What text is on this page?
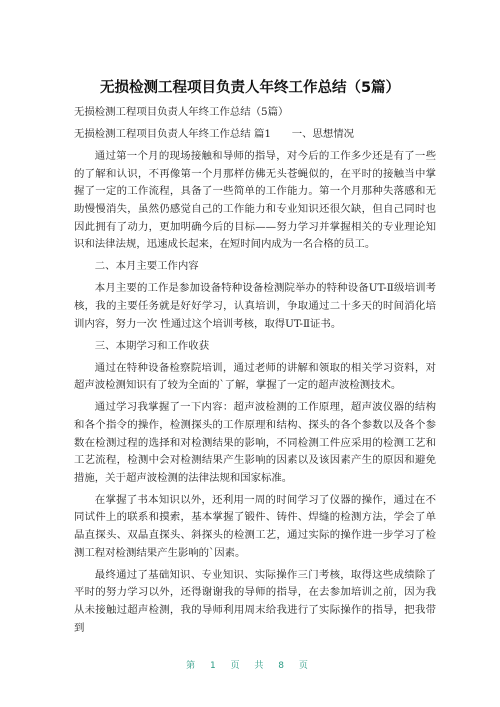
无损检测工程项目负责人年终工作总结（5篇）

无损检测工程项目负责人年终工作总结（5篇）

无损检测工程项目负责人年终工作总结 篇1　　一、思想情况

通过第一个月的现场接触和导师的指导，对今后的工作多少还是有了一些的了解和认识，不再像第一个月那样仿佛无头苍蝇似的，在平时的接触当中掌握了一定的工作流程，具备了一些简单的工作能力。第一个月那种失落感和无助慢慢消失，虽然仍感觉自己的工作能力和专业知识还很欠缺，但自己同时也因此拥有了动力，更加明确今后的目标——努力学习并掌握相关的专业理论知识和法律法规，迅速成长起来，在短时间内成为一名合格的员工。

二、本月主要工作内容

本月主要的工作是参加设备特种设备检测院举办的特种设备UT-Ⅱ级培训考核，我的主要任务就是好好学习，认真培训，争取通过二十多天的时间消化培训内容，努力一次 性通过这个培训考核，取得UT-Ⅱ证书。

三、本期学习和工作收获

通过在特种设备检察院培训，通过老师的讲解和领取的相关学习资料，对超声波检测知识有了较为全面的`了解，掌握了一定的超声波检测技术。

通过学习我掌握了一下内容：超声波检测的工作原理，超声波仪器的结构和各个指令的操作，检测探头的工作原理和结构、探头的各个参数以及各个参数在检测过程的选择和对检测结果的影响，不同检测工件应采用的检测工艺和工艺流程，检测中会对检测结果产生影响的因素以及该因素产生的原因和避免措施，关于超声波检测的法律法规和国家标准。

在掌握了书本知识以外，还利用一周的时间学习了仪器的操作，通过在不同试件上的联系和摸索，基本掌握了锻件、铸件、焊缝的检测方法，学会了单晶直探头、双晶直探头、斜探头的检测工艺，通过实际的操作进一步学习了检测工程对检测结果产生影响的`因素。

最终通过了基础知识、专业知识、实际操作三门考核，取得这些成绩除了平时的努力学习以外，还得谢谢我的导师的指导，在去参加培训之前，因为我从未接触过超声检测，我的导师利用周末给我进行了实际操作的指导，把我带到

第 1 页 共 8 页
